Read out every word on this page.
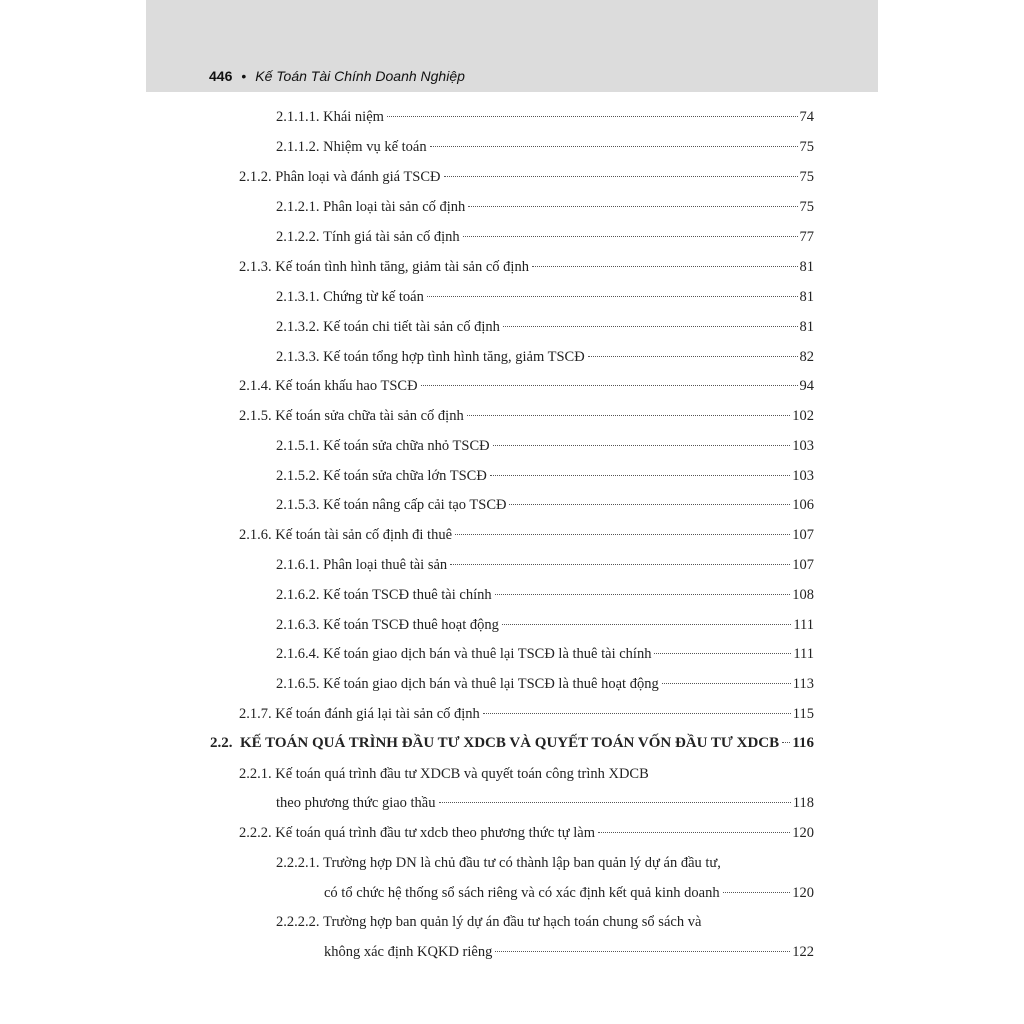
446 • Kế Toán Tài Chính Doanh Nghiệp
2.1.1.1.
Khái niệm	74
2.1.1.2.
Nhiệm vụ kế toán	75
2.1.2.
Phân loại và đánh giá TSCĐ	75
2.1.2.1.
Phân loại tài sản cố định	75
2.1.2.2.
Tính giá tài sản cố định	77
2.1.3.
Kế toán tình hình tăng, giảm tài sản cố định	81
2.1.3.1.
Chứng từ kế toán	81
2.1.3.2.
Kế toán chi tiết tài sản cố định	81
2.1.3.3.
Kế toán tổng hợp tình hình tăng, giảm TSCĐ	82
2.1.4.
Kế toán khấu hao TSCĐ	94
2.1.5.
Kế toán sửa chữa tài sản cố định	102
2.1.5.1.
Kế toán sửa chữa nhỏ TSCĐ	103
2.1.5.2.
Kế toán sửa chữa lớn TSCĐ	103
2.1.5.3.
Kế toán nâng cấp cải tạo TSCĐ	106
2.1.6.
Kế toán tài sản cố định đi thuê	107
2.1.6.1.
Phân loại thuê tài sản	107
2.1.6.2.
Kế toán TSCĐ thuê tài chính	108
2.1.6.3.
Kế toán TSCĐ thuê hoạt động	111
2.1.6.4.
Kế toán giao dịch bán và thuê lại TSCĐ là thuê tài chính	111
2.1.6.5.
Kế toán giao dịch bán và thuê lại TSCĐ là thuê hoạt động	113
2.1.7.
Kế toán đánh giá lại tài sản cố định	115
2.2.
KẾ TOÁN QUÁ TRÌNH ĐẦU TƯ XDCB VÀ QUYẾT TOÁN VỐN ĐẦU TƯ XDCB 116
2.2.1. Kế toán quá trình đầu tư XDCB và quyết toán công trình XDCB
theo phương thức giao thầu	118
2.2.2.
Kế toán quá trình đầu tư xdcb theo phương thức tự làm	120
2.2.2.1. Trường hợp DN là chủ đầu tư có thành lập ban quản lý dự án đầu tư,
có tổ chức hệ thống sổ sách riêng và có xác định kết quả kinh doanh	120
2.2.2.2. Trường hợp ban quản lý dự án đầu tư hạch toán chung sổ sách và
không xác định KQKD riêng	122
